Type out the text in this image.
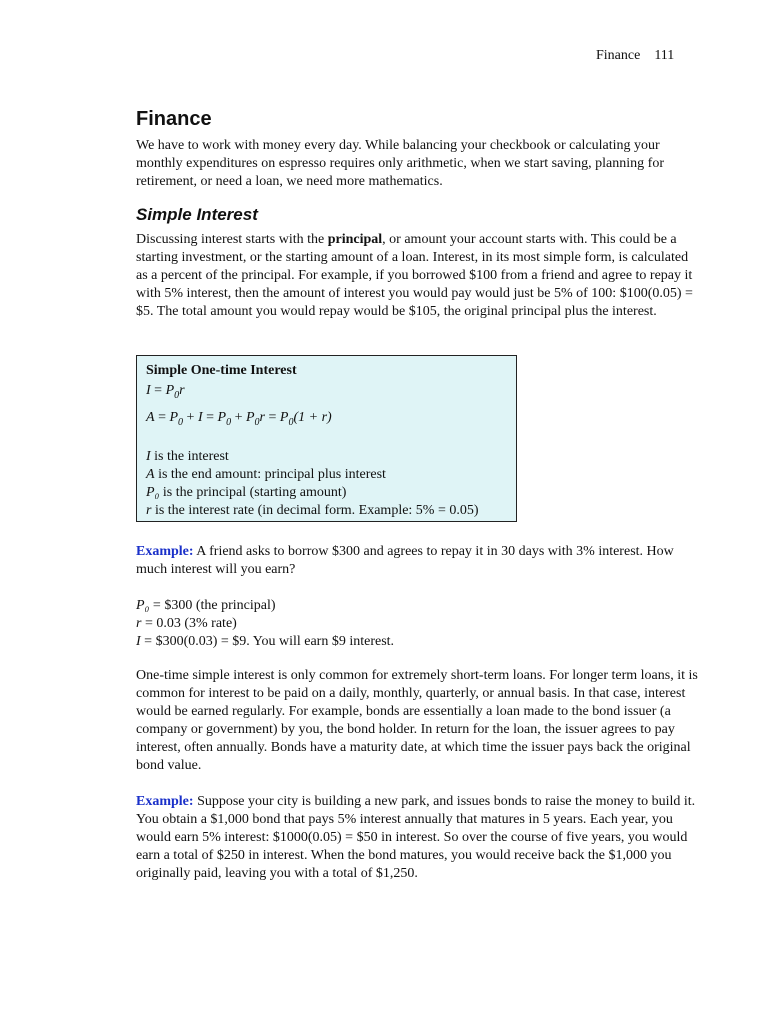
Finance 111
Finance

We have to work with money every day. While balancing your checkbook or calculating your monthly expenditures on espresso requires only arithmetic, when we start saving, planning for retirement, or need a loan, we need more mathematics.

Simple Interest

Discussing interest starts with the principal, or amount your account starts with. This could be a starting investment, or the starting amount of a loan. Interest, in its most simple form, is calculated as a percent of the principal. For example, if you borrowed $100 from a friend and agree to repay it with 5% interest, then the amount of interest you would pay would just be 5% of 100: $100(0.05) = $5. The total amount you would repay would be $105, the original principal plus the interest.

Simple One-time Interest
$I = P_0r$
$A = P_0 + I = P_0 + P_0r = P_0(1 + r)$
I is the interest
A is the end amount: principal plus interest
P₀ is the principal (starting amount)
r is the interest rate (in decimal form. Example: 5% = 0.05)

Example: A friend asks to borrow $300 and agrees to repay it in 30 days with 3% interest. How much interest will you earn?

P₀ = $300 (the principal)
r = 0.03 (3% rate)
I = $300(0.03) = $9. You will earn $9 interest.

One-time simple interest is only common for extremely short-term loans. For longer term loans, it is common for interest to be paid on a daily, monthly, quarterly, or annual basis. In that case, interest would be earned regularly. For example, bonds are essentially a loan made to the bond issuer (a company or government) by you, the bond holder. In return for the loan, the issuer agrees to pay interest, often annually. Bonds have a maturity date, at which time the issuer pays back the original bond value.

Example: Suppose your city is building a new park, and issues bonds to raise the money to build it. You obtain a $1,000 bond that pays 5% interest annually that matures in 5 years. Each year, you would earn 5% interest: $1000(0.05) = $50 in interest. So over the course of five years, you would earn a total of $250 in interest. When the bond matures, you would receive back the $1,000 you originally paid, leaving you with a total of $1,250.
